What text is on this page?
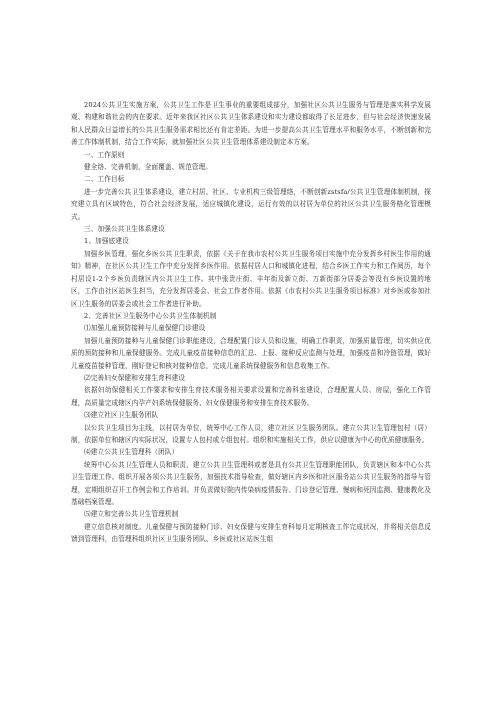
2024公共卫生实施方案，公共卫生工作是卫生事业的重要组成部分，加强社区公共卫生服务与管理是落实科学发展观、构建和谐社会的内在要求。近年来我区社区公共卫生体系建设和实力建设都取得了长足进步，但与社会经济快速发展和人民群众日益增长的公共卫生服务需求相比还有肯定差距。为进一步提高公共卫生管理水平和服务水平，不断创新和完善工作体制机制，结合工作实际，就加强社区公共卫生管理体系建设制定本方案。

一、工作原则

健全络、完善机制，全面覆盖、规范管理。

二、工作目标

进一步完善公共卫生体系建设，建立村居、社区、专业机构三级管理络，不断创新zstsfa/公共卫生管理体制机制，探究建立具有区域特色，符合社会经济发展，适应城镇化建设，运行有效的以村居为单位的社区公共卫生服务格化管理模式。

三、加强公共卫生体系建设

1、加强底建设

加强乡医管理，强化乡医公共卫生职责，依据《关于在我市农村公共卫生服务项目实施中充分发挥乡村医生作用的通知》精神，在社区公共卫生工作中充分发挥乡医作用。依据村居人口和城镇化进程，结合乡医工作实力和工作阅历，每个村居设1-2个乡医负责辖区内公共卫生工作。其中张贵庄街、丰年街及新立街、万新街部分居委会等没有乡医设置的地区，工作由社区站医生担当，充分发挥居委会、社会工作者作用。依据《市农村公共卫生服务项目标准》对乡医或参加社区卫生服务的居委会或社会工作者进行补助。

2、完善社区卫生服务中心公共卫生体制机制

⑴加强儿童预防接种与儿童保健门诊建设

加强儿童预防接种与儿童保健门诊职能建设，合理配置门诊人员和设施，明确工作职责，加强质量管理，切实供应优质的预防接种和儿童保健服务。完成儿童疫苗接种信息的汇总、上报、接种反应监测与处理，加强疫苗和冷链管理，做好儿童疫苗接种管理，刚好登记和核对接种信息，完成儿童系统保健服务和信息收集工作。

⑵完善妇女保健和安排生育科建设

依据妇幼保健相关工作要求和安排生育技术服务相关要求设置和完善科室建设，合理配置人员、房屋，强化工作管理，高质量完成辖区内孕产妇系统保健服务、妇女保健服务和安排生育技术服务。

⑶建立社区卫生服务团队

以公共卫生项目为主线，以村居为单位，统筹中心工作人员，建立社区卫生服务团队。建立公共卫生管理包村（居）制，依据单位和辖区内实际状况，设置专人包村或专组包村。组织和实施相关工作，供应以健康为中心的优质健康服务。

⑷建立公共卫生管理科（团队）

统筹中心公共卫生管理人员和职责，建立公共卫生管理科或者是具有公共卫生管理职能团队，负责辖区和本中心公共卫生管理工作。组织开展各项公共卫生服务，加强技术指导检查，做好辖区内乡医和社区服务站公共卫生服务的指导与管理，定期组织召开工作例会和工作培训。并负责做好院内传染病疫情报告、门诊登记管理、慢病和死因监测、健康教化及基础档案管理。

⑸建立和完善公共卫生管理机制

建立信息核对制度。儿童保健与预防接种门诊、妇女保健与安排生育科每月定期核查工作完成状况，并将相关信息反馈到管理科，由管理科组织社区卫生服务团队、乡医或社区站医生组
